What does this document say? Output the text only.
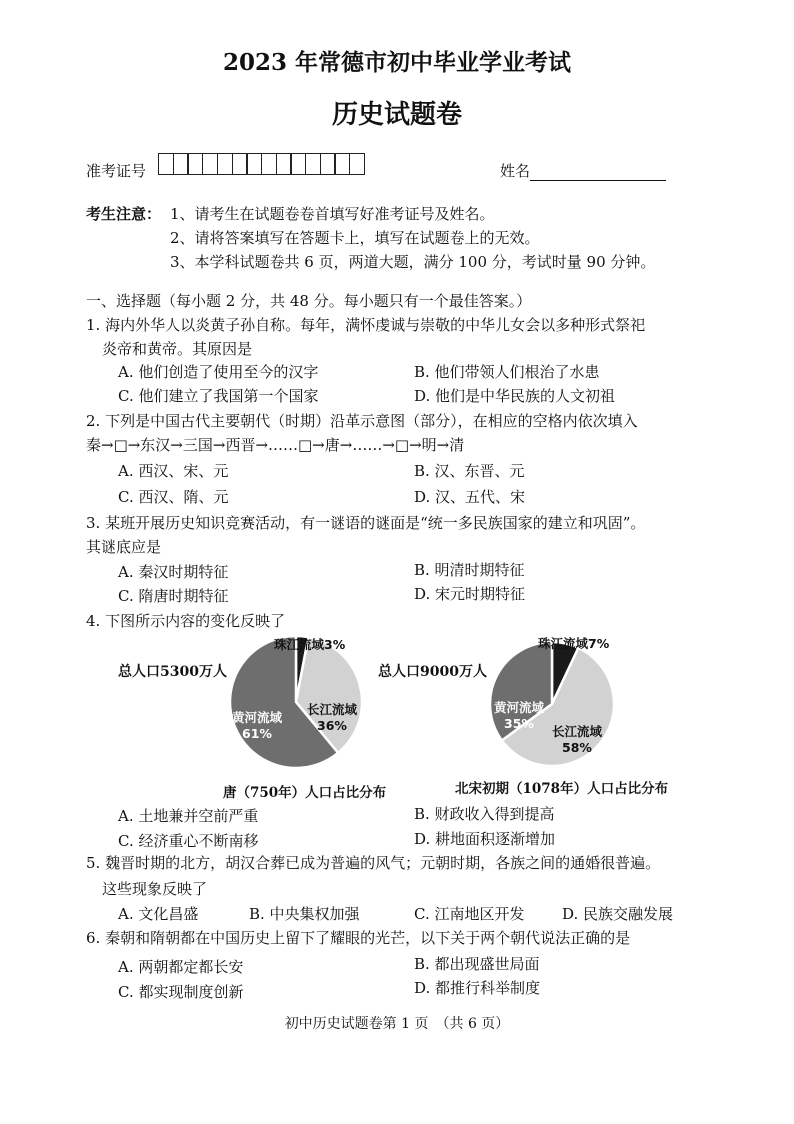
2023 年常德市初中毕业学业考试
历史试题卷
准考证号	姓名
考生注意： 1、请考生在试题卷卷首填写好准考证号及姓名。
2、请将答案填写在答题卡上，填写在试题卷上的无效。
3、本学科试题卷共 6 页，两道大题，满分 100 分，考试时量 90 分钟。
一、选择题（每小题 2 分，共 48 分。每小题只有一个最佳答案。）
1. 海内外华人以炎黄子孙自称。每年，满怀虔诚与崇敬的中华儿女会以多种形式祭祀
炎帝和黄帝。其原因是
A. 他们创造了使用至今的汉字	B. 他们带领人们根治了水患
C. 他们建立了我国第一个国家	D. 他们是中华民族的人文初祖
2. 下列是中国古代主要朝代（时期）沿革示意图（部分），在相应的空格内依次填入
秦→□→东汉→三国→西晋→……□→唐→……→□→明→清
A. 西汉、宋、元	B. 汉、东晋、元
C. 西汉、隋、元	D. 汉、五代、宋
3. 某班开展历史知识竞赛活动，有一谜语的谜面是“统一多民族国家的建立和巩固”。
其谜底应是
A. 秦汉时期特征	B. 明清时期特征
C. 隋唐时期特征	D. 宋元时期特征
4. 下图所示内容的变化反映了
珠江流域3%
长江流域 36%
黄河流域 61%
珠江流域7%
长江流域 58%
黄河流域 35%
总人口5300万人	总人口9000万人
唐（750年）人口占比分布	北宋初期（1078年）人口占比分布
A. 土地兼并空前严重	B. 财政收入得到提高
C. 经济重心不断南移	D. 耕地面积逐渐增加
5. 魏晋时期的北方，胡汉合葬已成为普遍的风气；元朝时期，各族之间的通婚很普遍。
这些现象反映了
A. 文化昌盛	B. 中央集权加强	C. 江南地区开发	D. 民族交融发展
6. 秦朝和隋朝都在中国历史上留下了耀眼的光芒，以下关于两个朝代说法正确的是
A. 两朝都定都长安	B. 都出现盛世局面
C. 都实现制度创新	D. 都推行科举制度
初中历史试题卷第 1 页　（共 6 页）
